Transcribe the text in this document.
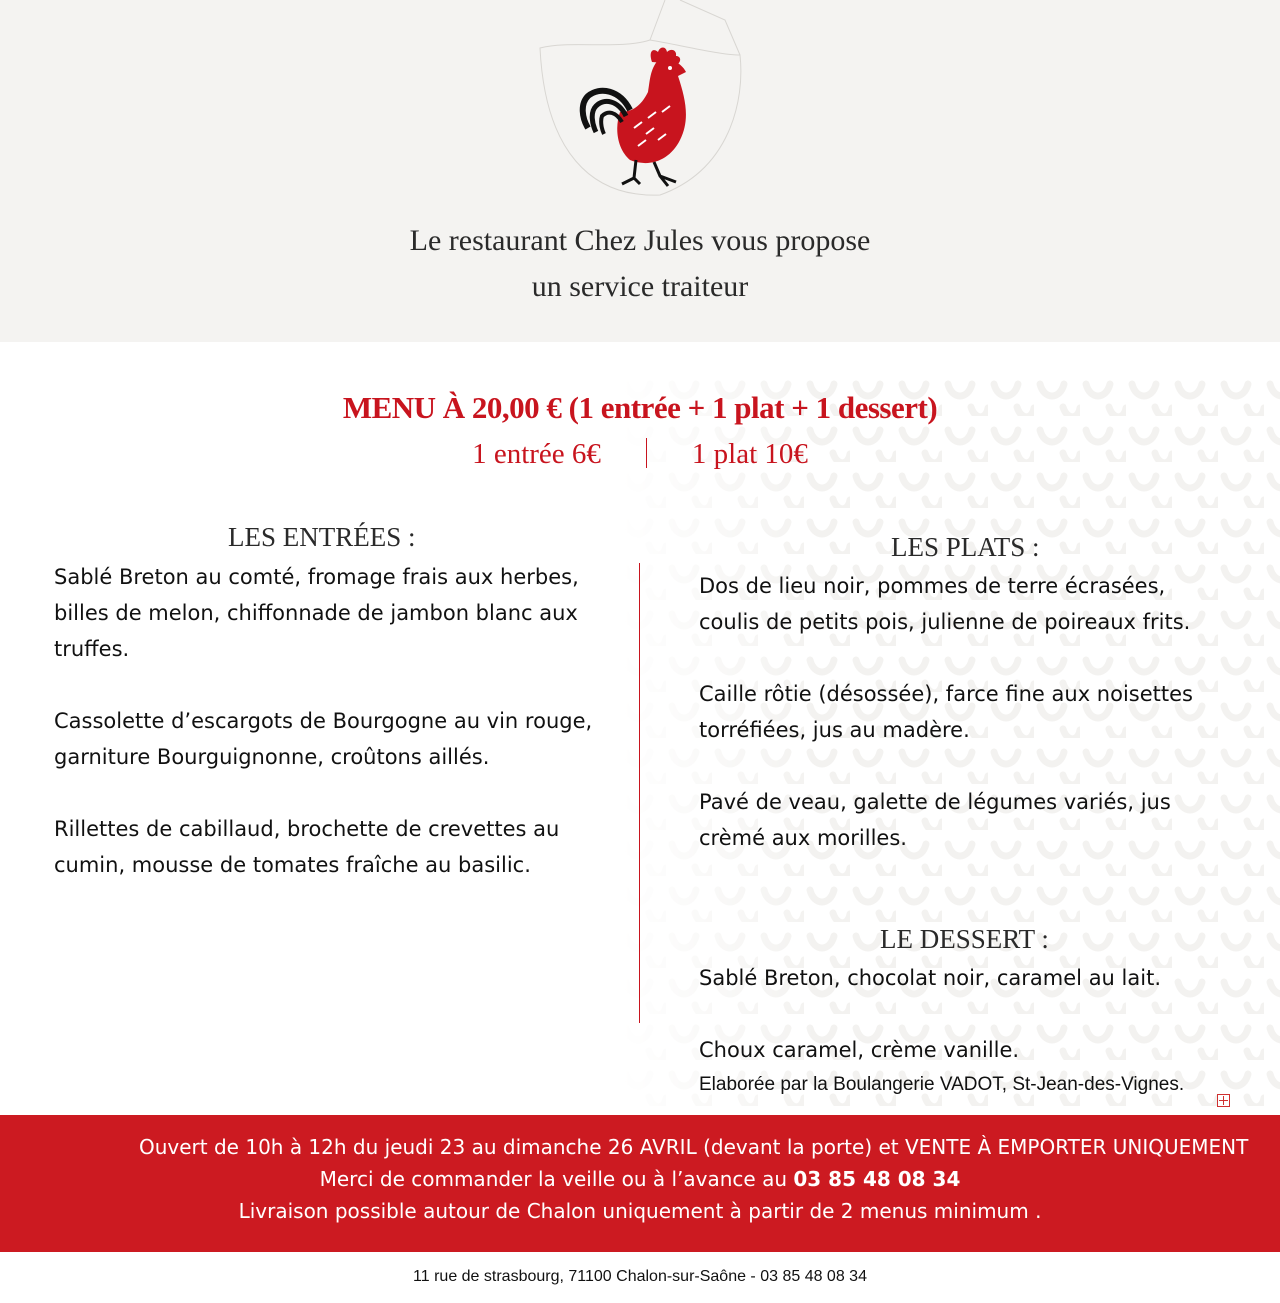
Le restaurant Chez Jules vous propose
un service traiteur
MENU À 20,00 € (1 entrée + 1 plat + 1 dessert)
1 entrée 6€	1 plat 10€
LES ENTRÉES :

Sablé Breton au comté, fromage frais aux herbes, billes de melon, chiffonnade de jambon blanc aux truffes.

Cassolette d’escargots de Bourgogne au vin rouge, garniture Bourguignonne, croûtons aillés.

Rillettes de cabillaud, brochette de crevettes au cumin, mousse de tomates fraîche au basilic.

LES PLATS :

Dos de lieu noir, pommes de terre écrasées, coulis de petits pois, julienne de poireaux frits.

Caille rôtie (désossée), farce fine aux noisettes torréfiées, jus au madère.

Pavé de veau, galette de légumes variés, jus crèmé aux morilles.

LE DESSERT :

Sablé Breton, chocolat noir, caramel au lait.

Choux caramel, crème vanille.

Elaborée par la Boulangerie VADOT, St-Jean-des-Vignes.
Ouvert de 10h à 12h du jeudi 23 au dimanche 26 AVRIL (devant la porte) et VENTE À EMPORTER UNIQUEMENT
Merci de commander la veille ou à l’avance au 03 85 48 08 34
Livraison possible autour de Chalon uniquement à partir de 2 menus minimum .
11 rue de strasbourg, 71100 Chalon-sur-Saône - 03 85 48 08 34
